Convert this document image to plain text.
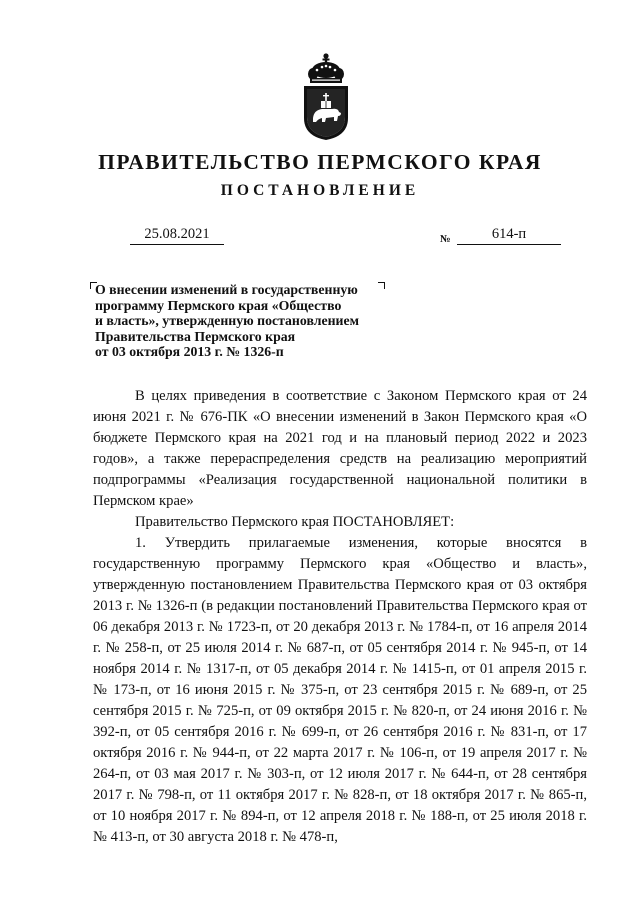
ПРАВИТЕЛЬСТВО ПЕРМСКОГО КРАЯ
ПОСТАНОВЛЕНИЕ
25.08.2021	№	614-п
О внесении изменений в государственную
программу Пермского края «Общество
и власть», утвержденную постановлением
Правительства Пермского края
от 03 октября 2013 г. № 1326-п

В целях приведения в соответствие с Законом Пермского края от 24 июня 2021 г. № 676-ПК «О внесении изменений в Закон Пермского края «О бюджете Пермского края на 2021 год и на плановый период 2022 и 2023 годов», а также перераспределения средств на реализацию мероприятий подпрограммы «Реализация государственной национальной политики в Пермском крае»

Правительство Пермского края ПОСТАНОВЛЯЕТ:

1. Утвердить прилагаемые изменения, которые вносятся в государственную программу Пермского края «Общество и власть», утвержденную постановлением Правительства Пермского края от 03 октября 2013 г. № 1326-п (в редакции постановлений Правительства Пермского края от 06 декабря 2013 г. № 1723-п, от 20 декабря 2013 г. № 1784-п, от 16 апреля 2014 г. № 258-п, от 25 июля 2014 г. № 687-п, от 05 сентября 2014 г. № 945-п, от 14 ноября 2014 г. № 1317-п, от 05 декабря 2014 г. № 1415-п, от 01 апреля 2015 г. № 173-п, от 16 июня 2015 г. № 375-п, от 23 сентября 2015 г. № 689-п, от 25 сентября 2015 г. № 725-п, от 09 октября 2015 г. № 820-п, от 24 июня 2016 г. № 392-п, от 05 сентября 2016 г. № 699-п, от 26 сентября 2016 г. № 831-п, от 17 октября 2016 г. № 944-п, от 22 марта 2017 г. № 106-п, от 19 апреля 2017 г. № 264-п, от 03 мая 2017 г. № 303-п, от 12 июля 2017 г. № 644-п, от 28 сентября 2017 г. № 798-п, от 11 октября 2017 г. № 828-п, от 18 октября 2017 г. № 865-п, от 10 ноября 2017 г. № 894-п, от 12 апреля 2018 г. № 188-п, от 25 июля 2018 г. № 413-п, от 30 августа 2018 г. № 478-п,
